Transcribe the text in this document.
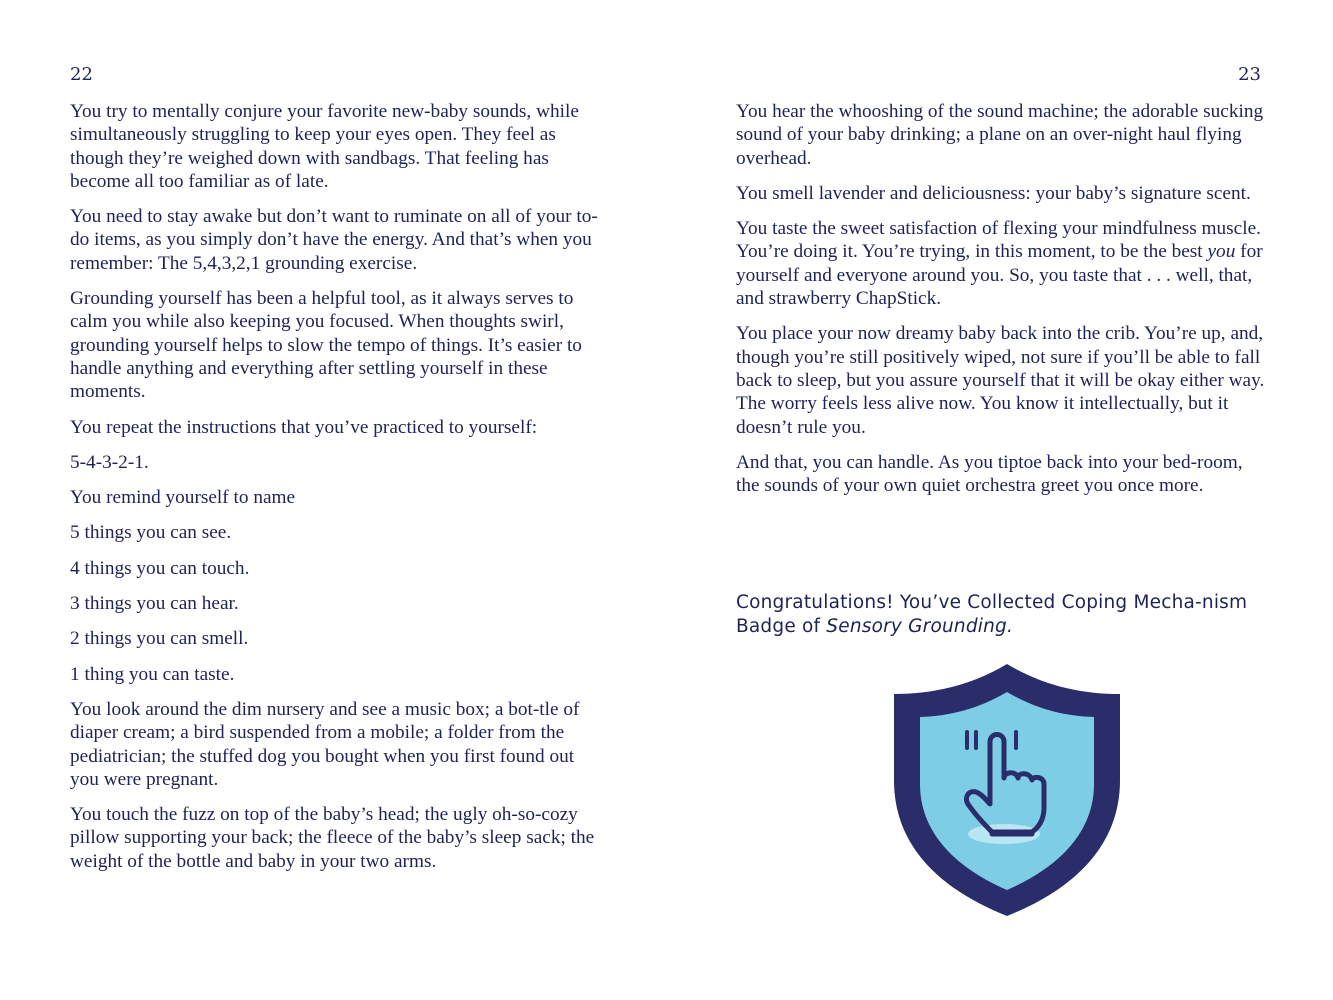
22

You try to mentally conjure your favorite new-baby sounds, while simultaneously struggling to keep your eyes open. They feel as though they’re weighed down with sandbags. That feeling has become all too familiar as of late.

You need to stay awake but don’t want to ruminate on all of your to-do items, as you simply don’t have the energy. And that’s when you remember: The 5,4,3,2,1 grounding exercise.

Grounding yourself has been a helpful tool, as it always serves to calm you while also keeping you focused. When thoughts swirl, grounding yourself helps to slow the tempo of things. It’s easier to handle anything and everything after settling yourself in these moments.

You repeat the instructions that you’ve practiced to yourself:

5-4-3-2-1.

You remind yourself to name

5 things you can see.

4 things you can touch.

3 things you can hear.

2 things you can smell.

1 thing you can taste.

You look around the dim nursery and see a music box; a bot-tle of diaper cream; a bird suspended from a mobile; a folder from the pediatrician; the stuffed dog you bought when you first found out you were pregnant.

You touch the fuzz on top of the baby’s head; the ugly oh-so-cozy pillow supporting your back; the fleece of the baby’s sleep sack; the weight of the bottle and baby in your two arms.

23

You hear the whooshing of the sound machine; the adorable sucking sound of your baby drinking; a plane on an over-night haul flying overhead.

You smell lavender and deliciousness: your baby’s signature scent.

You taste the sweet satisfaction of flexing your mindfulness muscle. You’re doing it. You’re trying, in this moment, to be the best you for yourself and everyone around you. So, you taste that . . . well, that, and strawberry ChapStick.

You place your now dreamy baby back into the crib. You’re up, and, though you’re still positively wiped, not sure if you’ll be able to fall back to sleep, but you assure yourself that it will be okay either way. The worry feels less alive now. You know it intellectually, but it doesn’t rule you.

And that, you can handle. As you tiptoe back into your bed-room, the sounds of your own quiet orchestra greet you once more.

Congratulations! You’ve Collected Coping Mecha-nism Badge of Sensory Grounding.
